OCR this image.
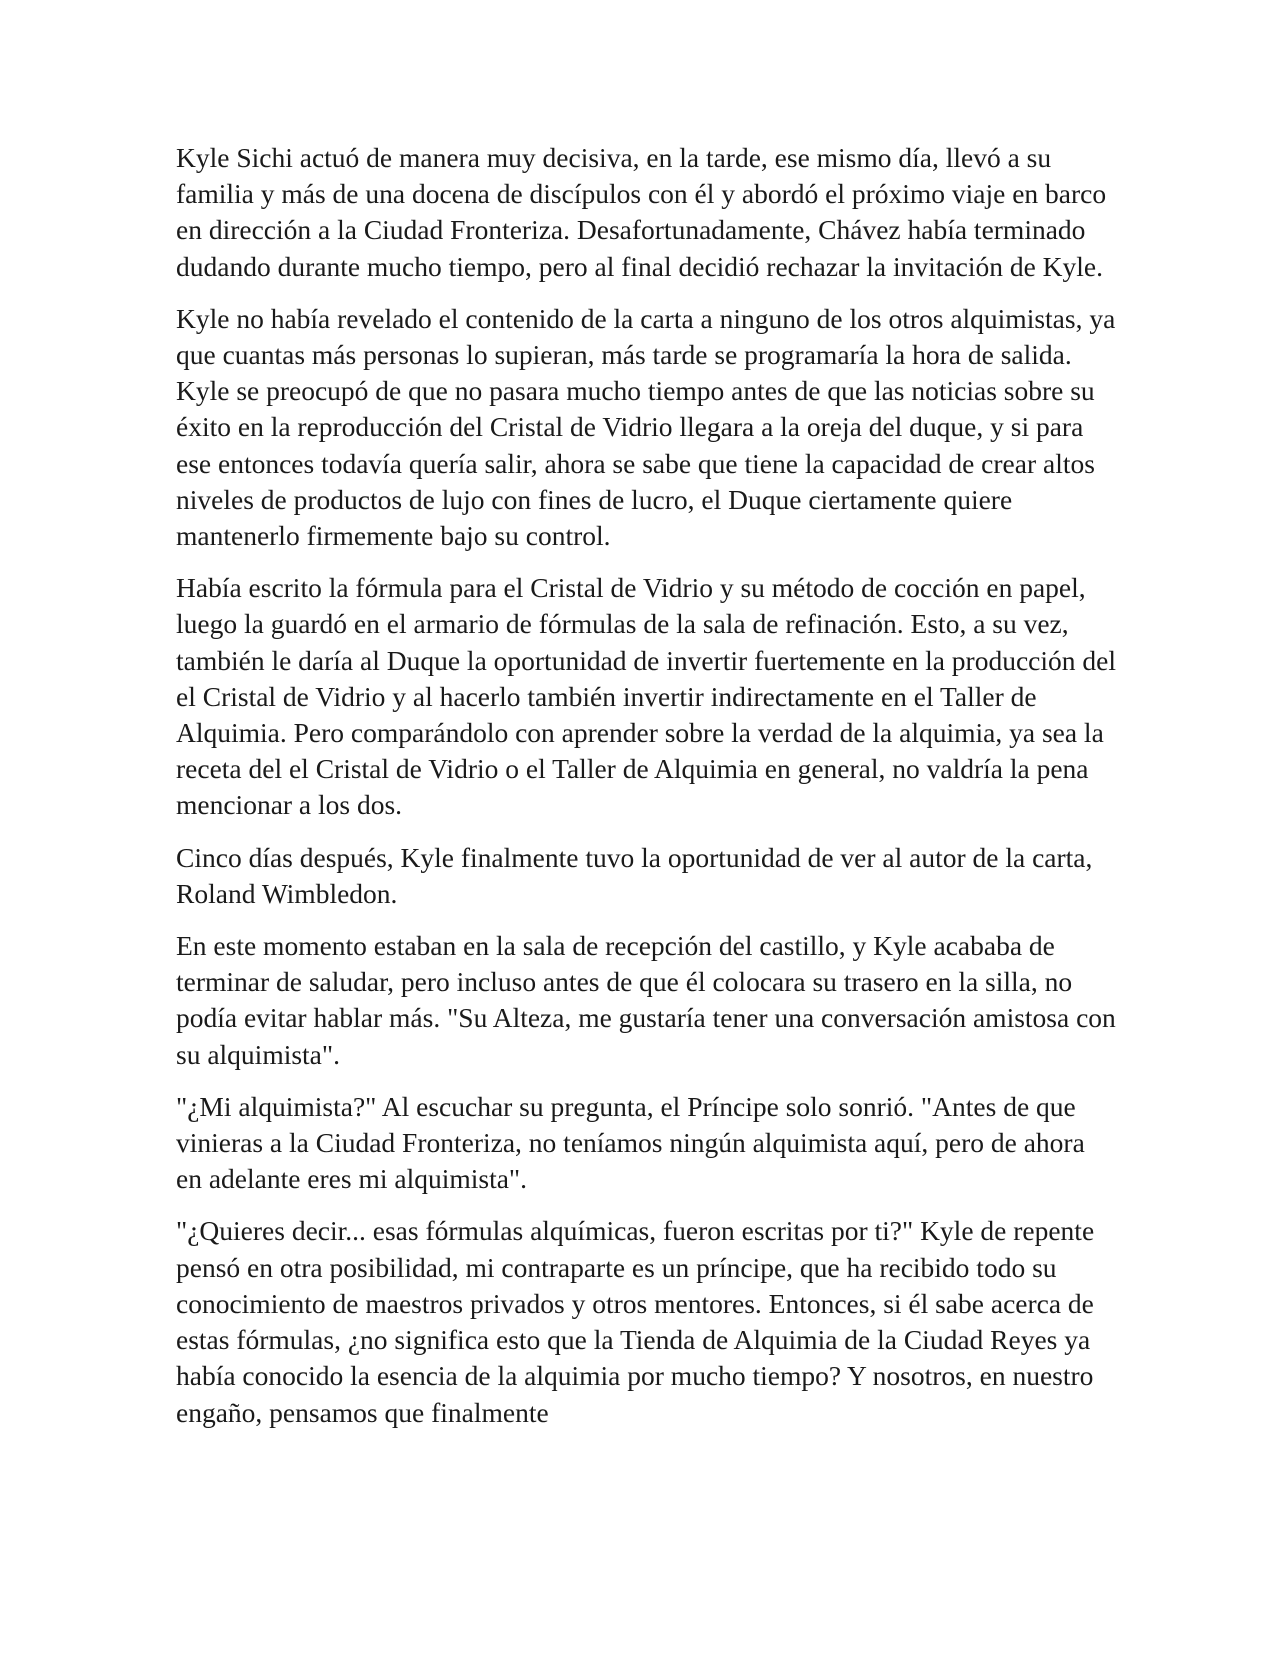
Kyle Sichi actuó de manera muy decisiva, en la tarde, ese mismo día, llevó a su familia y más de una docena de discípulos con él y abordó el próximo viaje en barco en dirección a la Ciudad Fronteriza. Desafortunadamente, Chávez había terminado dudando durante mucho tiempo, pero al final decidió rechazar la invitación de Kyle.

Kyle no había revelado el contenido de la carta a ninguno de los otros alquimistas, ya que cuantas más personas lo supieran, más tarde se programaría la hora de salida. Kyle se preocupó de que no pasara mucho tiempo antes de que las noticias sobre su éxito en la reproducción del Cristal de Vidrio llegara a la oreja del duque, y si para ese entonces todavía quería salir, ahora se sabe que tiene la capacidad de crear altos niveles de productos de lujo con fines de lucro, el Duque ciertamente quiere mantenerlo firmemente bajo su control.

Había escrito la fórmula para el Cristal de Vidrio y su método de cocción en papel, luego la guardó en el armario de fórmulas de la sala de refinación. Esto, a su vez, también le daría al Duque la oportunidad de invertir fuertemente en la producción del el Cristal de Vidrio y al hacerlo también invertir indirectamente en el Taller de Alquimia. Pero comparándolo con aprender sobre la verdad de la alquimia, ya sea la receta del el Cristal de Vidrio o el Taller de Alquimia en general, no valdría la pena mencionar a los dos.

Cinco días después, Kyle finalmente tuvo la oportunidad de ver al autor de la carta, Roland Wimbledon.

En este momento estaban en la sala de recepción del castillo, y Kyle acababa de terminar de saludar, pero incluso antes de que él colocara su trasero en la silla, no podía evitar hablar más. "Su Alteza, me gustaría tener una conversación amistosa con su alquimista".

"¿Mi alquimista?" Al escuchar su pregunta, el Príncipe solo sonrió. "Antes de que vinieras a la Ciudad Fronteriza, no teníamos ningún alquimista aquí, pero de ahora en adelante eres mi alquimista".

"¿Quieres decir... esas fórmulas alquímicas, fueron escritas por ti?" Kyle de repente pensó en otra posibilidad, mi contraparte es un príncipe, que ha recibido todo su conocimiento de maestros privados y otros mentores. Entonces, si él sabe acerca de estas fórmulas, ¿no significa esto que la Tienda de Alquimia de la Ciudad Reyes ya había conocido la esencia de la alquimia por mucho tiempo? Y nosotros, en nuestro engaño, pensamos que finalmente
